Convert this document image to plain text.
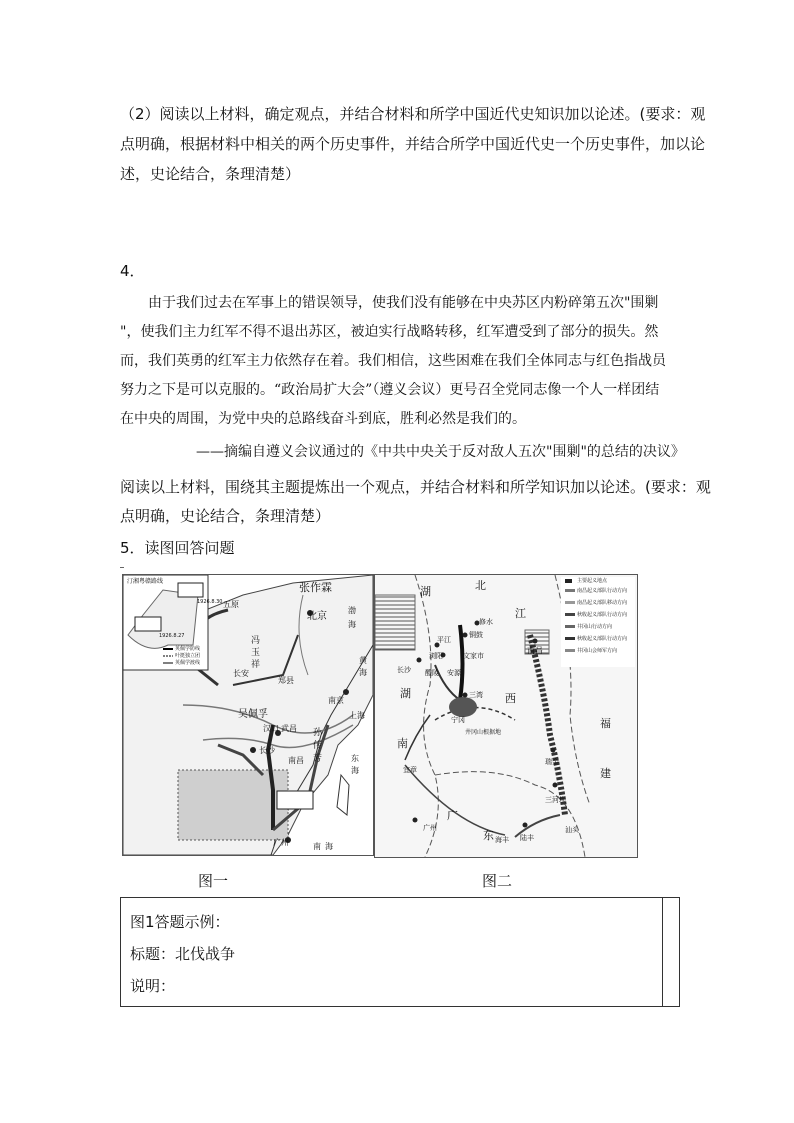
（2）阅读以上材料，确定观点，并结合材料和所学中国近代史知识加以论述。(要求：观
点明确，根据材料中相关的两个历史事件，并结合所学中国近代史一个历史事件，加以论
述，史论结合，条理清楚）
4．
由于我们过去在军事上的错误领导，使我们没有能够在中央苏区内粉碎第五次"围剿
"，使我们主力红军不得不退出苏区，被迫实行战略转移，红军遭受到了部分的损失。然
而，我们英勇的红军主力依然存在着。我们相信，这些困难在我们全体同志与红色指战员
努力之下是可以克服的。“政治局扩大会”（遵义会议）更号召全党同志像一个人一样团结
在中央的周围，为党中央的总路线奋斗到底，胜利必然是我们的。
——摘编自遵义会议通过的《中共中央关于反对敌人五次"围剿"的总结的决议》
阅读以上材料，围绕其主题提炼出一个观点，并结合材料和所学知识加以论述。(要求：观
点明确，史论结合，条理清楚）
5．读图回答问题
汀湘粤赣路线
1926.8.30
1926.8.27
英佩学防线
叶挺独立团
英佩学渡线
张作霖
北京
五原
长安
郑县
吴佩孚
汉口 武昌
长沙
南昌
孙传芳
南京
上海
广州
黄
海
东
海
南 海
渤
海
冯
玉
祥
主要起义地点
南昌起义部队行动方向
南昌起义部队移动方向
秋收起义部队行动方向
井冈山行动方向
秋收起义部队行动方向
井冈山会师军方向
北
湖
江
南昌
修水
铜鼓
平江
浏阳	文家市
醴陵 安源
三湾
湖	西
宁冈
井冈山根据地
瑞金
福
建
南
宜章
广
东
三河坝
广州
海丰 陆丰
汕头
长沙
图一	图二
图1答题示例：
标题：北伐战争
说明：
